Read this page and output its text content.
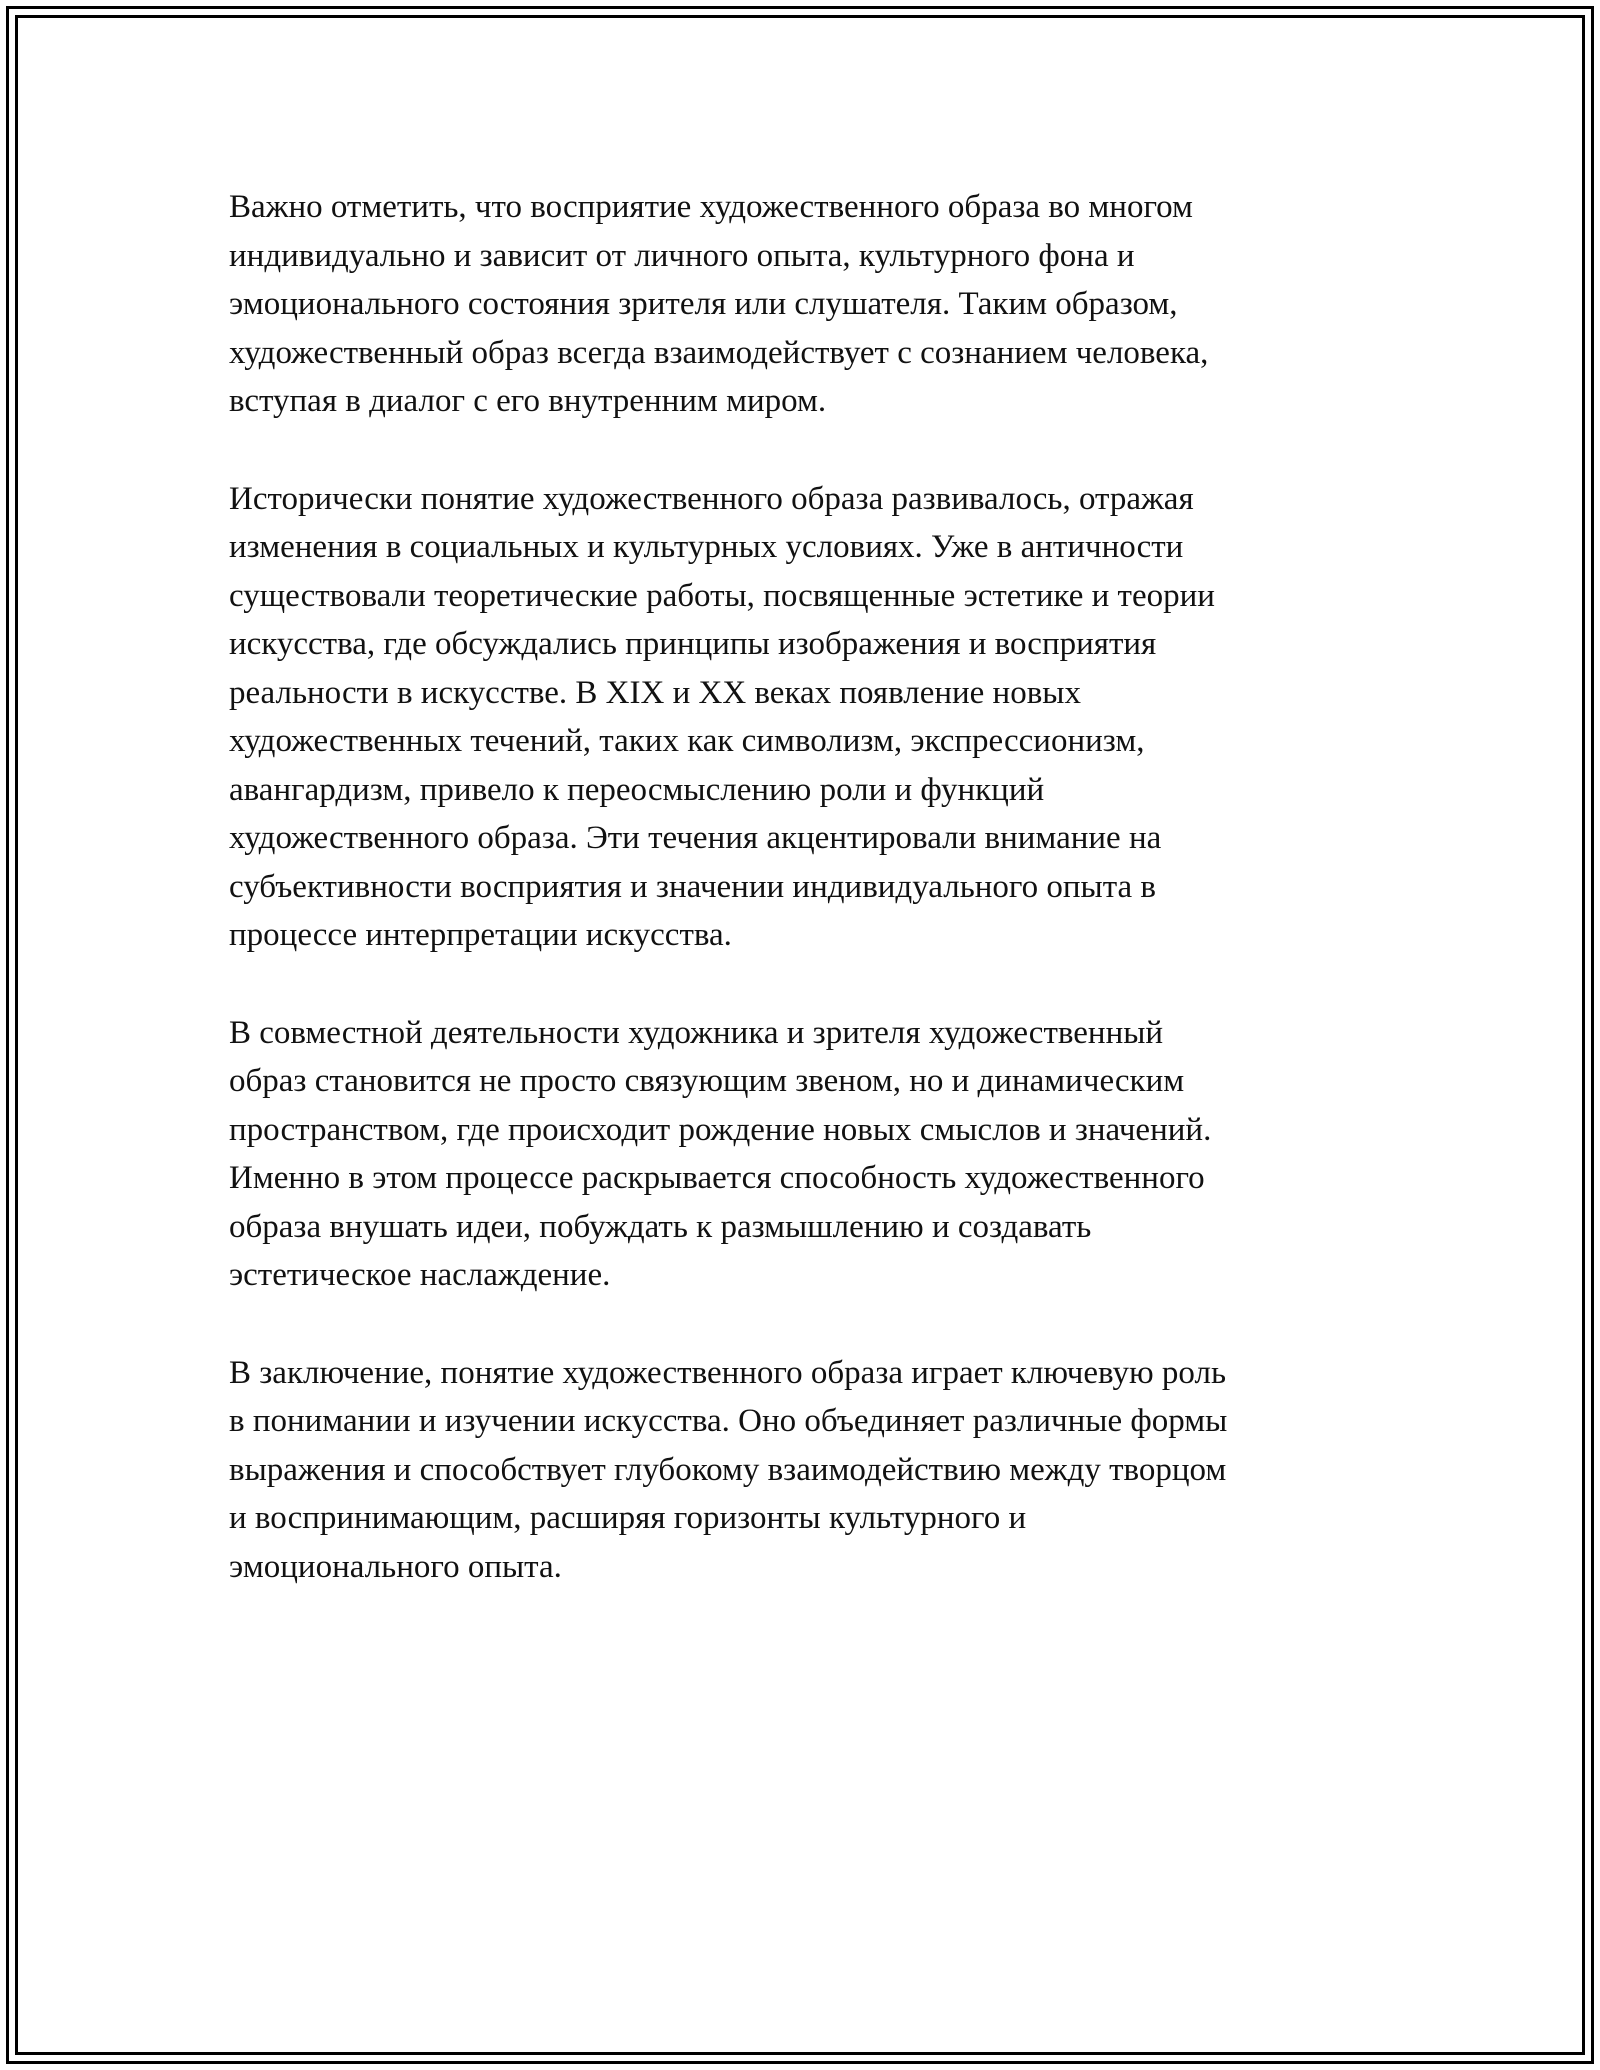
Важно отметить, что восприятие художественного образа во многом
индивидуально и зависит от личного опыта, культурного фона и
эмоционального состояния зрителя или слушателя. Таким образом,
художественный образ всегда взаимодействует с сознанием человека,
вступая в диалог с его внутренним миром.

Исторически понятие художественного образа развивалось, отражая
изменения в социальных и культурных условиях. Уже в античности
существовали теоретические работы, посвященные эстетике и теории
искусства, где обсуждались принципы изображения и восприятия
реальности в искусстве. В XIX и XX веках появление новых
художественных течений, таких как символизм, экспрессионизм,
авангардизм, привело к переосмыслению роли и функций
художественного образа. Эти течения акцентировали внимание на
субъективности восприятия и значении индивидуального опыта в
процессе интерпретации искусства.

В совместной деятельности художника и зрителя художественный
образ становится не просто связующим звеном, но и динамическим
пространством, где происходит рождение новых смыслов и значений.
Именно в этом процессе раскрывается способность художественного
образа внушать идеи, побуждать к размышлению и создавать
эстетическое наслаждение.

В заключение, понятие художественного образа играет ключевую роль
в понимании и изучении искусства. Оно объединяет различные формы
выражения и способствует глубокому взаимодействию между творцом
и воспринимающим, расширяя горизонты культурного и
эмоционального опыта.
